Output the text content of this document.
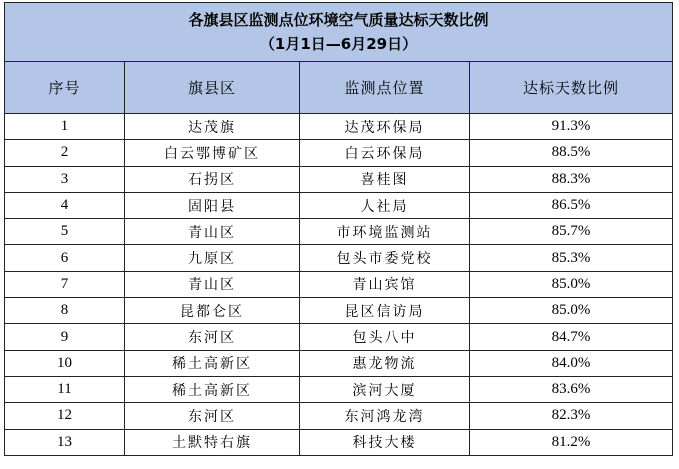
各旗县区监测点位环境空气质量达标天数比例
（1月1日—6月29日）			

序号	旗县区	监测点位置	达标天数比例
1	达茂旗	达茂环保局	91.3%
2	白云鄂博矿区	白云环保局	88.5%
3	石拐区	喜桂图	88.3%
4	固阳县	人社局	86.5%
5	青山区	市环境监测站	85.7%
6	九原区	包头市委党校	85.3%
7	青山区	青山宾馆	85.0%
8	昆都仑区	昆区信访局	85.0%
9	东河区	包头八中	84.7%
10	稀土高新区	惠龙物流	84.0%
11	稀土高新区	滨河大厦	83.6%
12	东河区	东河鸿龙湾	82.3%
13	土默特右旗	科技大楼	81.2%
